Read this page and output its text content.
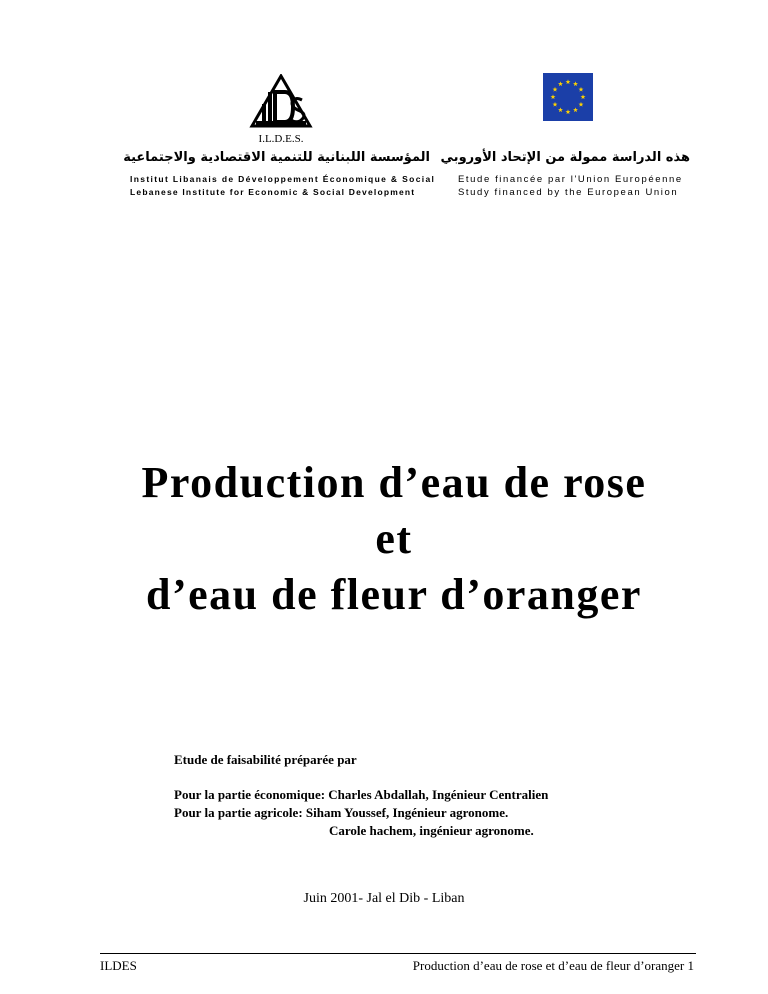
I.L.D.E.S.
المؤسسة اللبنانية للتنمية الاقتصادية والاجتماعية هذه الدراسة ممولة من الإتحاد الأوروبي
Institut Libanais de Développement Économique & Social
Lebanese Institute for Economic & Social Development
Etude financée par l'Union Européenne
Study financed by the European Union
Production d’eau de rose
et
d’eau de fleur d’oranger
Etude de faisabilité préparée par
Pour la partie économique: Charles Abdallah, Ingénieur Centralien
Pour la partie agricole: Siham Youssef, Ingénieur agronome.
Carole hachem, ingénieur agronome.
Juin 2001- Jal el Dib - Liban
ILDES	Production d’eau de rose et d’eau de fleur d’oranger 1
